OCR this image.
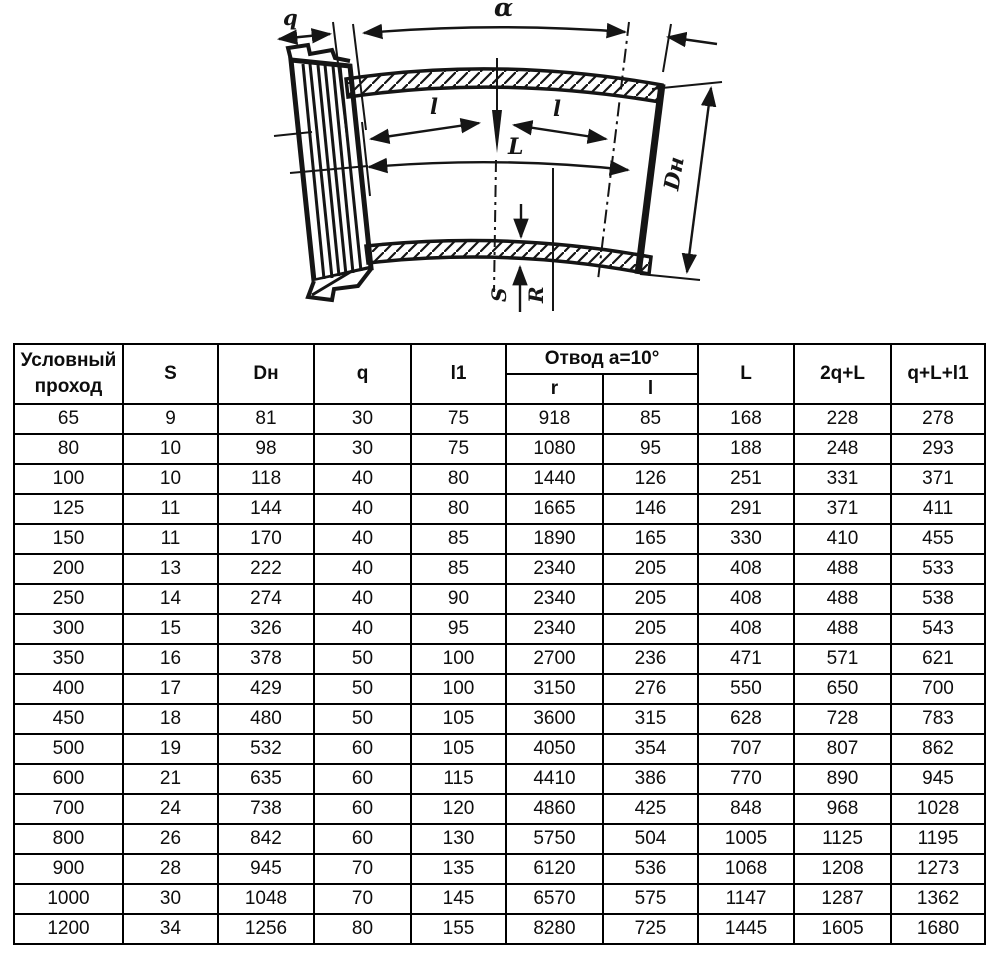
q	α
l	l
L
Dн
S R
Условный проход	S	Dн	q	l1	Отвод a=10°		L	2q+L	q+L+l1
					r	l			
65	9	81	30	75	918	85	168	228	278
80	10	98	30	75	1080	95	188	248	293
100	10	118	40	80	1440	126	251	331	371
125	11	144	40	80	1665	146	291	371	411
150	11	170	40	85	1890	165	330	410	455
200	13	222	40	85	2340	205	408	488	533
250	14	274	40	90	2340	205	408	488	538
300	15	326	40	95	2340	205	408	488	543
350	16	378	50	100	2700	236	471	571	621
400	17	429	50	100	3150	276	550	650	700
450	18	480	50	105	3600	315	628	728	783
500	19	532	60	105	4050	354	707	807	862
600	21	635	60	115	4410	386	770	890	945
700	24	738	60	120	4860	425	848	968	1028
800	26	842	60	130	5750	504	1005	1125	1195
900	28	945	70	135	6120	536	1068	1208	1273
1000	30	1048	70	145	6570	575	1147	1287	1362
1200	34	1256	80	155	8280	725	1445	1605	1680
